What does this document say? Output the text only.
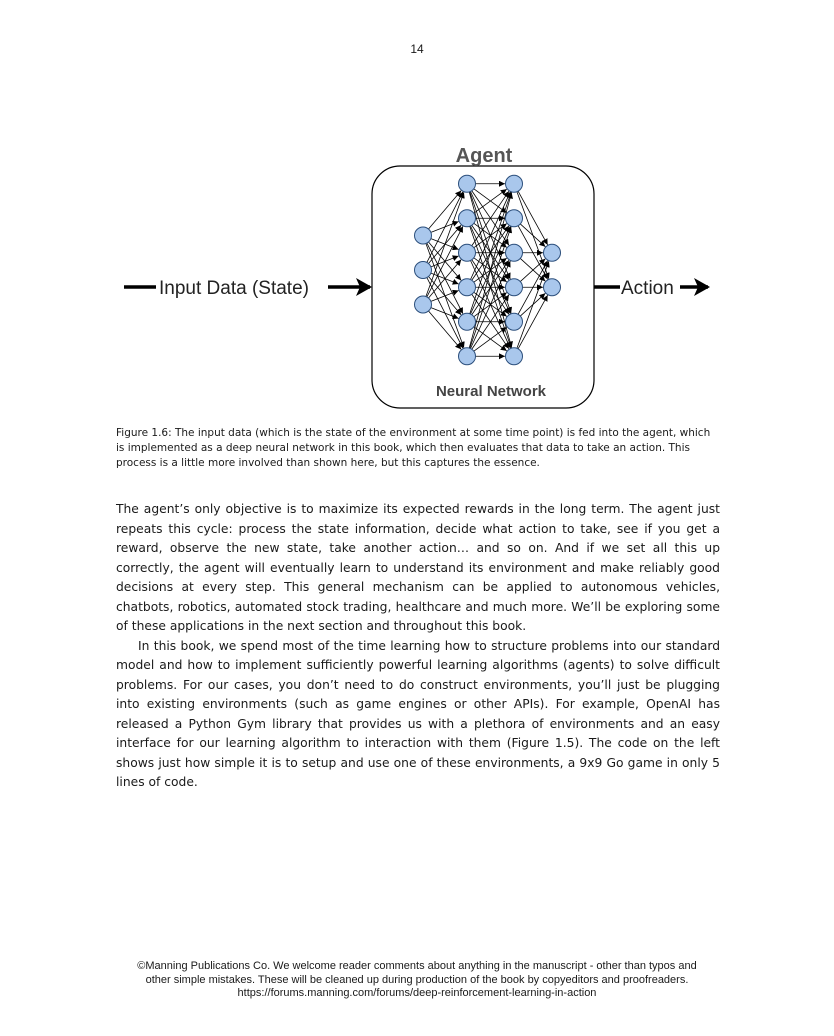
14
Agent
Neural Network
Input Data (State)	Action

Figure 1.6: The input data (which is the state of the environment at some time point) is fed into the agent, which is implemented as a deep neural network in this book, which then evaluates that data to take an action. This process is a little more involved than shown here, but this captures the essence.

The agent’s only objective is to maximize its expected rewards in the long term. The agent just repeats this cycle: process the state information, decide what action to take, see if you get a reward, observe the new state, take another action… and so on. And if we set all this up correctly, the agent will eventually learn to understand its environment and make reliably good decisions at every step. This general mechanism can be applied to autonomous vehicles, chatbots, robotics, automated stock trading, healthcare and much more. We’ll be exploring some of these applications in the next section and throughout this book.

In this book, we spend most of the time learning how to structure problems into our standard model and how to implement sufficiently powerful learning algorithms (agents) to solve difficult problems. For our cases, you don’t need to do construct environments, you’ll just be plugging into existing environments (such as game engines or other APIs). For example, OpenAI has released a Python Gym library that provides us with a plethora of environments and an easy interface for our learning algorithm to interaction with them (Figure 1.5). The code on the left shows just how simple it is to setup and use one of these environments, a 9x9 Go game in only 5 lines of code.

©Manning Publications Co. We welcome reader comments about anything in the manuscript - other than typos and
other simple mistakes. These will be cleaned up during production of the book by copyeditors and proofreaders.
https://forums.manning.com/forums/deep-reinforcement-learning-in-action
